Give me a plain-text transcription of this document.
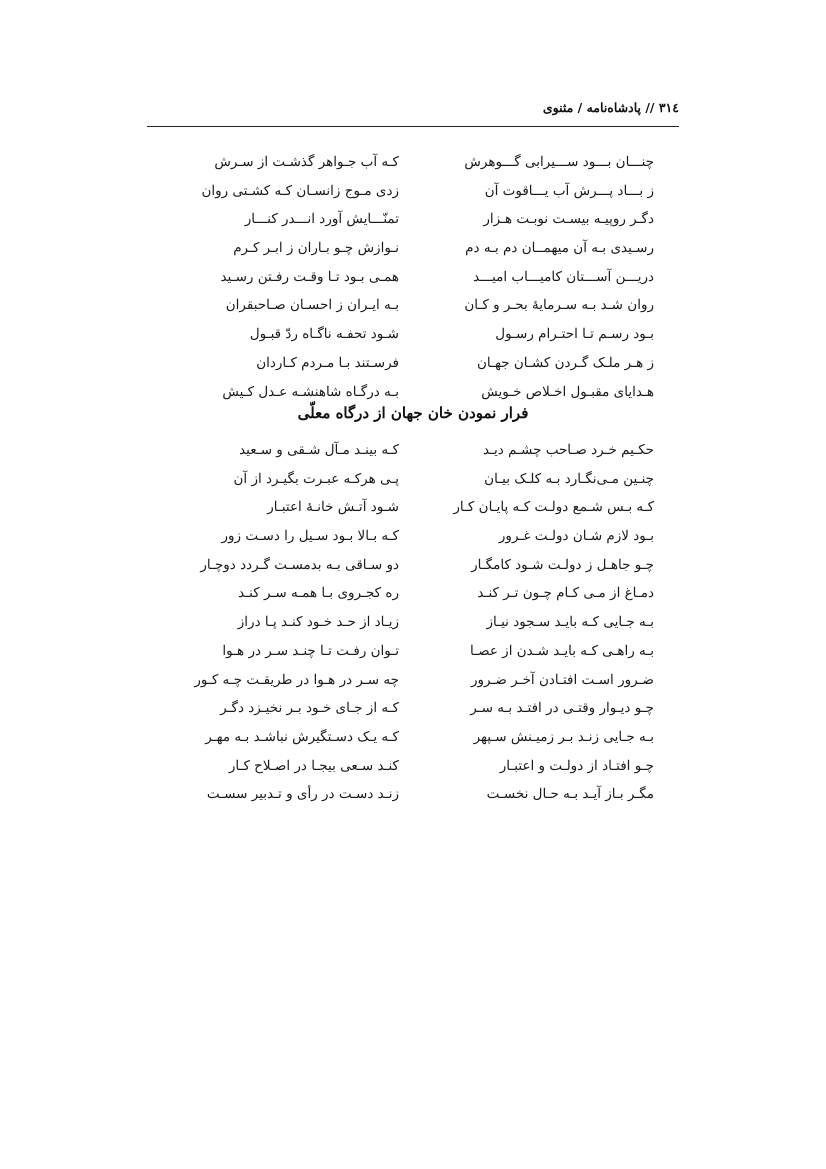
۳۱٤ // پادشاه‌نامه / مثنوی
چنـــان بـــود ســـیرابی گـــوهرش
کـه آب جـواهر گذشـت از سـرش
ز بـــاد پـــرش آب یـــاقوت آن
زدی مـوج زانسـان کـه کشـتی روان
دگـر روپیـه بیسـت نوبـت هـزار
تمنّـــایش آورد انـــدر کنـــار
رسـیدی بـه آن میهمــان دم بـه دم
نـوازش چـو بـاران ز ابـر کـرم
دریـــن آســـتان کامیـــاب امیـــد
همـی بـود تـا وقـت رفـتن رسـید
روان شـد بـه سـرمایهٔ بحـر و کـان
بـه ایـران ز احسـان صـاحبقران
بـود رسـم تـا احتـرام رسـول
شـود تحفـه ناگـاه ردّ قبـول
ز هـر ملـک گـردن کشـان جهـان
فرسـتند بـا مـردم کـاردان
هـدایای مقبـول اخـلاص خـویش
بـه درگـاه شاهنشـه عـدل کـیش
فرار نمودن خان جهان از درگاه معلّی
حکـیم خـرد صـاحب چشـم دیـد
کـه بینـد مـآل شـقی و سـعید
چنـین مـی‌نگـارد بـه کلـک بیـان
پـی هرکـه عبـرت بگیـرد از آن
کـه بـس شـمع دولـت کـه پایـان کـار
شـود آتـش خانـهٔ اعتبـار
بـود لازم شـان دولـت غـرور
کـه بـالا بـود سـیل را دسـت زور
چـو جاهـل ز دولـت شـود کامگـار
دو سـاقی بـه بدمسـت گـردد دوچـار
دمـاغ از مـی کـام چـون تـر کنـد
ره کجـروی بـا همـه سـر کنـد
بـه جـایی کـه بایـد سـجود نیـاز
زیـاد از حـد خـود کنـد پـا دراز
بـه راهـی کـه بایـد شـدن از عصـا
تـوان رفـت تـا چنـد سـر در هـوا
ضـرور اسـت افتـادن آخـر ضـرور
چه سـر در هـوا در طریقـت چـه کـور
چـو دیـوار وقتـی در افتـد بـه سـر
کـه از جـای خـود بـر نخیـزد دگـر
بـه جـایی زنـد بـر زمیـنش سـپهر
کـه یـک دسـتگیرش نباشـد بـه مهـر
چـو افتـاد از دولـت و اعتبـار
کنـد سـعی بیجـا در اصـلاح کـار
مگـر بـاز آیـد بـه حـال نخسـت
زنـد دسـت در رأی و تـدبیر سسـت
